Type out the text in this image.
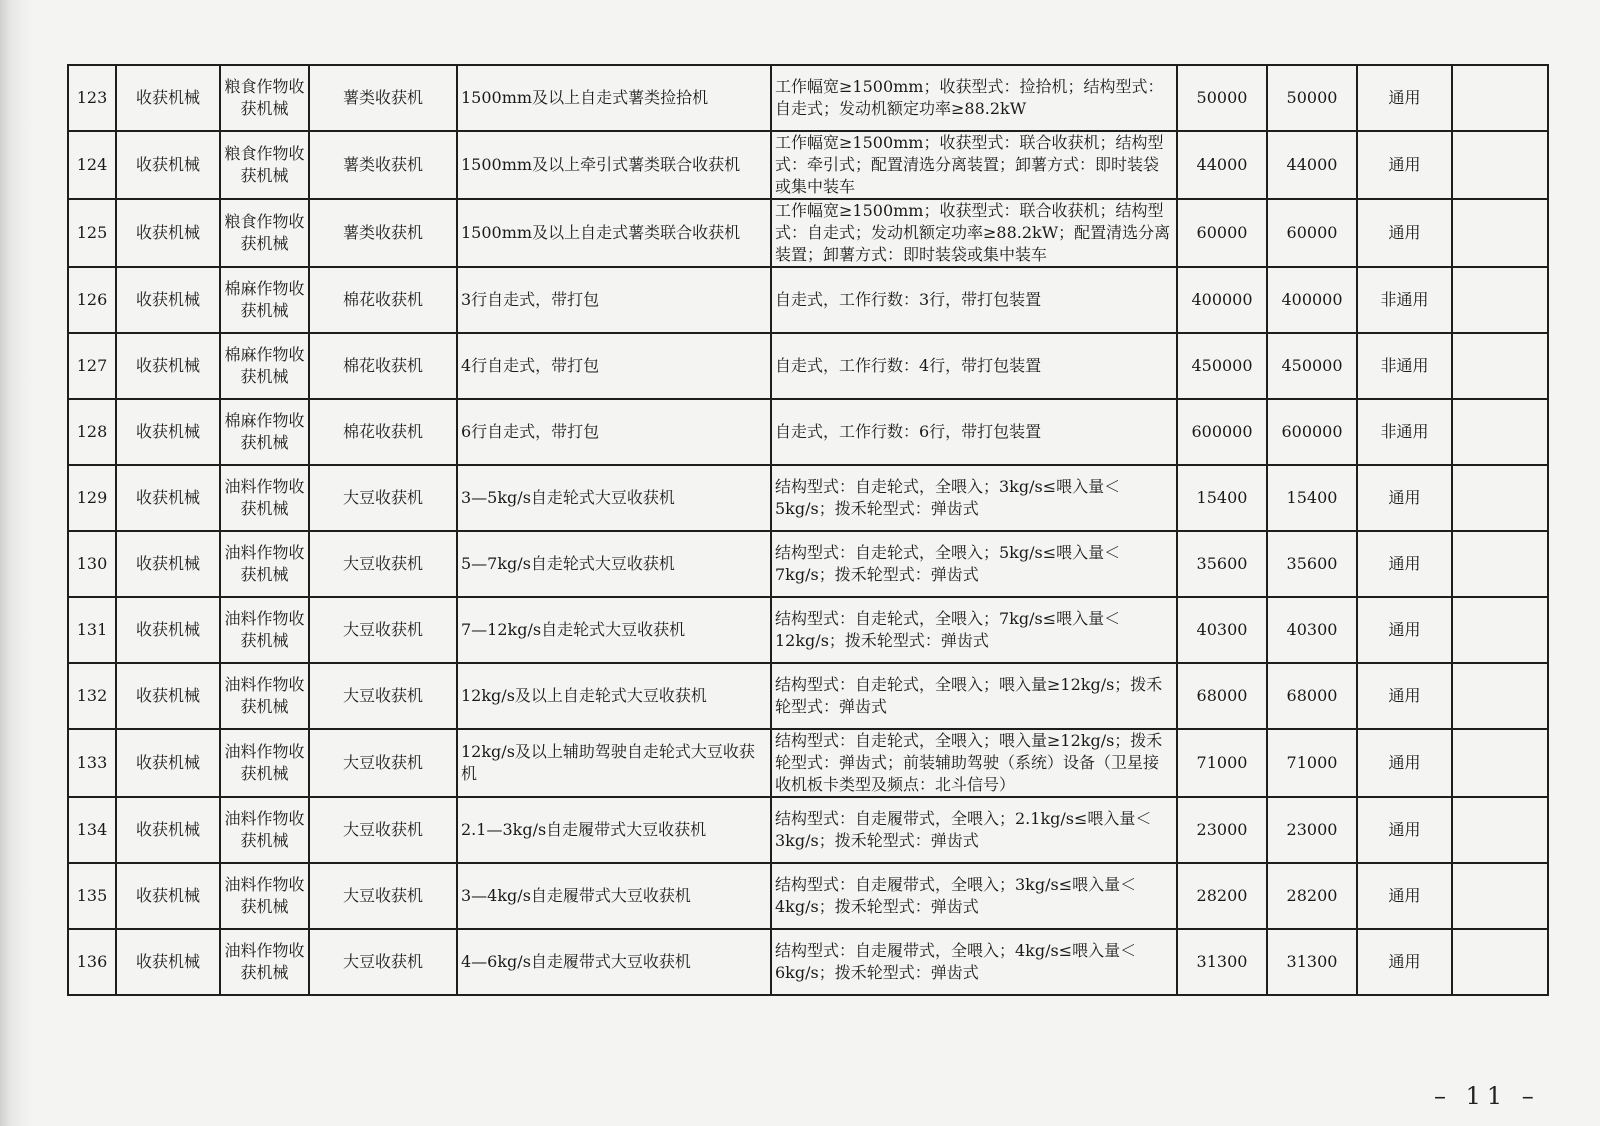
123	收获机械	粮食作物收获机械	薯类收获机	1500mm及以上自走式薯类捡拾机	工作幅宽≥1500mm；收获型式：捡拾机；结构型式：自走式；发动机额定功率≥88.2kW	50000	50000	通用	
124	收获机械	粮食作物收获机械	薯类收获机	1500mm及以上牵引式薯类联合收获机	工作幅宽≥1500mm；收获型式：联合收获机；结构型式：牵引式；配置清选分离装置；卸薯方式：即时装袋或集中装车	44000	44000	通用	
125	收获机械	粮食作物收获机械	薯类收获机	1500mm及以上自走式薯类联合收获机	工作幅宽≥1500mm；收获型式：联合收获机；结构型式：自走式；发动机额定功率≥88.2kW；配置清选分离装置；卸薯方式：即时装袋或集中装车	60000	60000	通用	
126	收获机械	棉麻作物收获机械	棉花收获机	3行自走式，带打包	自走式，工作行数：3行，带打包装置	400000	400000	非通用	
127	收获机械	棉麻作物收获机械	棉花收获机	4行自走式，带打包	自走式，工作行数：4行，带打包装置	450000	450000	非通用	
128	收获机械	棉麻作物收获机械	棉花收获机	6行自走式，带打包	自走式，工作行数：6行，带打包装置	600000	600000	非通用	
129	收获机械	油料作物收获机械	大豆收获机	3—5kg/s自走轮式大豆收获机	结构型式：自走轮式，全喂入；3kg/s≤喂入量＜5kg/s；拨禾轮型式：弹齿式	15400	15400	通用	
130	收获机械	油料作物收获机械	大豆收获机	5—7kg/s自走轮式大豆收获机	结构型式：自走轮式，全喂入；5kg/s≤喂入量＜7kg/s；拨禾轮型式：弹齿式	35600	35600	通用	
131	收获机械	油料作物收获机械	大豆收获机	7—12kg/s自走轮式大豆收获机	结构型式：自走轮式，全喂入；7kg/s≤喂入量＜12kg/s；拨禾轮型式：弹齿式	40300	40300	通用	
132	收获机械	油料作物收获机械	大豆收获机	12kg/s及以上自走轮式大豆收获机	结构型式：自走轮式，全喂入；喂入量≥12kg/s；拨禾轮型式：弹齿式	68000	68000	通用	
133	收获机械	油料作物收获机械	大豆收获机	12kg/s及以上辅助驾驶自走轮式大豆收获机	结构型式：自走轮式，全喂入；喂入量≥12kg/s；拨禾轮型式：弹齿式；前装辅助驾驶（系统）设备（卫星接收机板卡类型及频点：北斗信号）	71000	71000	通用	
134	收获机械	油料作物收获机械	大豆收获机	2.1—3kg/s自走履带式大豆收获机	结构型式：自走履带式，全喂入；2.1kg/s≤喂入量＜3kg/s；拨禾轮型式：弹齿式	23000	23000	通用	
135	收获机械	油料作物收获机械	大豆收获机	3—4kg/s自走履带式大豆收获机	结构型式：自走履带式，全喂入；3kg/s≤喂入量＜4kg/s；拨禾轮型式：弹齿式	28200	28200	通用	
136	收获机械	油料作物收获机械	大豆收获机	4—6kg/s自走履带式大豆收获机	结构型式：自走履带式，全喂入；4kg/s≤喂入量＜6kg/s；拨禾轮型式：弹齿式	31300	31300	通用	
– 11 –
